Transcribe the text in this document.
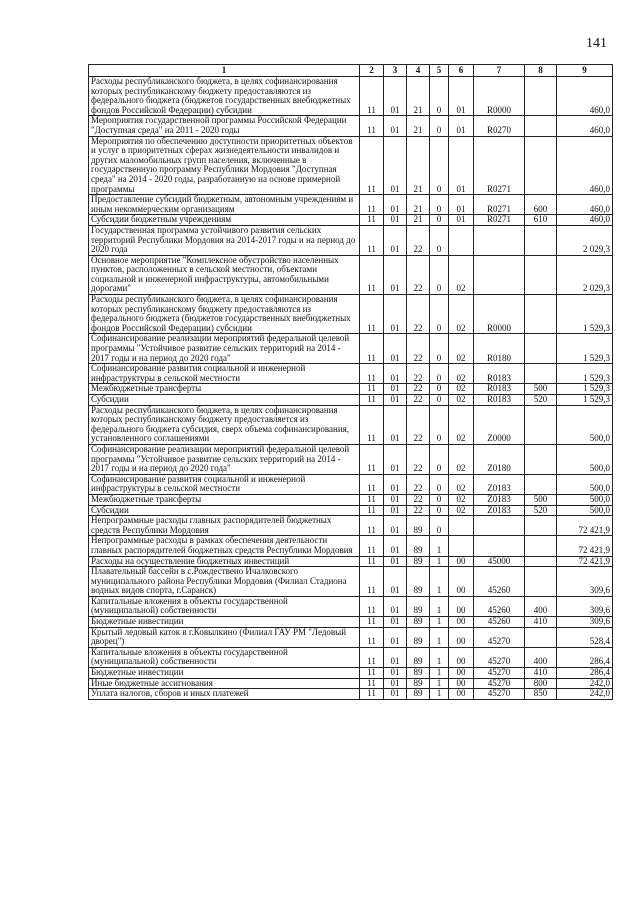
141
1	2	3	4	5	6	7	8	9
Расходы республиканского бюджета, в целях софинансирования которых республиканскому бюджету предоставляются из федерального бюджета (бюджетов государственных внебюджетных фондов Российской Федерации) субсидии	11	01	21	0	01	R0000		460,0
Мероприятия государственной программы Российской Федерации "Доступная среда" на 2011 - 2020 годы	11	01	21	0	01	R0270		460,0
Мероприятия по обеспечению доступности приоритетных объектов и услуг в приоритетных сферах жизнедеятельности инвалидов и других маломобильных групп населения, включенные в государственную программу Республики Мордовия "Доступная среда" на 2014 - 2020 годы, разработанную на основе примерной программы	11	01	21	0	01	R0271		460,0
Предоставление субсидий бюджетным, автономным учреждениям и иным некоммерческим организациям	11	01	21	0	01	R0271	600	460,0
Субсидии бюджетным учреждениям	11	01	21	0	01	R0271	610	460,0
Государственная программа устойчивого развития сельских территорий Республики Мордовия на 2014-2017 годы и на период до 2020 года	11	01	22	0				2 029,3
Основное мероприятие "Комплексное обустройство населенных пунктов, расположенных в сельской местности, объектами социальной и инженерной инфраструктуры, автомобильными дорогами"	11	01	22	0	02			2 029,3
Расходы республиканского бюджета, в целях софинансирования которых республиканскому бюджету предоставляются из федерального бюджета (бюджетов государственных внебюджетных фондов Российской Федерации) субсидии	11	01	22	0	02	R0000		1 529,3
Софинансирование реализации мероприятий федеральной целевой программы "Устойчивое развитие сельских территорий на 2014 - 2017 годы и на период до 2020 года"	11	01	22	0	02	R0180		1 529,3
Софинансирование развития социальной и инженерной инфраструктуры в сельской местности	11	01	22	0	02	R0183		1 529,3
Межбюджетные трансферты	11	01	22	0	02	R0183	500	1 529,3
Субсидии	11	01	22	0	02	R0183	520	1 529,3
Расходы республиканского бюджета, в целях софинансирования которых республиканскому бюджету предоставляется из федерального бюджета субсидия, сверх объема софинансирования, установленного соглашениями	11	01	22	0	02	Z0000		500,0
Софинансирование реализации мероприятий федеральной целевой программы "Устойчивое развитие сельских территорий на 2014 - 2017 годы и на период до 2020 года"	11	01	22	0	02	Z0180		500,0
Софинансирование развития социальной и инженерной инфраструктуры в сельской местности	11	01	22	0	02	Z0183		500,0
Межбюджетные трансферты	11	01	22	0	02	Z0183	500	500,0
Субсидии	11	01	22	0	02	Z0183	520	500,0
Непрограммные расходы главных распорядителей бюджетных средств Республики Мордовия	11	01	89	0				72 421,9
Непрограммные расходы в рамках обеспечения деятельности главных распорядителей бюджетных средств Республики Мордовия	11	01	89	1				72 421,9
Расходы на осуществление бюджетных инвестиций	11	01	89	1	00	45000		72 421,9
Плавательный бассейн в с.Рождествено Ичалковского муниципального района Республики Мордовия (Филиал Стадиона водных видов спорта, г.Саранск)	11	01	89	1	00	45260		309,6
Капитальные вложения в объекты государственной (муниципальной) собственности	11	01	89	1	00	45260	400	309,6
Бюджетные инвестиции	11	01	89	1	00	45260	410	309,6
Крытый ледовый каток в г.Ковылкино (Филиал ГАУ РМ "Ледовый дворец")	11	01	89	1	00	45270		528,4
Капитальные вложения в объекты государственной (муниципальной) собственности	11	01	89	1	00	45270	400	286,4
Бюджетные инвестиции	11	01	89	1	00	45270	410	286,4
Иные бюджетные ассигнования	11	01	89	1	00	45270	800	242,0
Уплата налогов, сборов и иных платежей	11	01	89	1	00	45270	850	242,0
